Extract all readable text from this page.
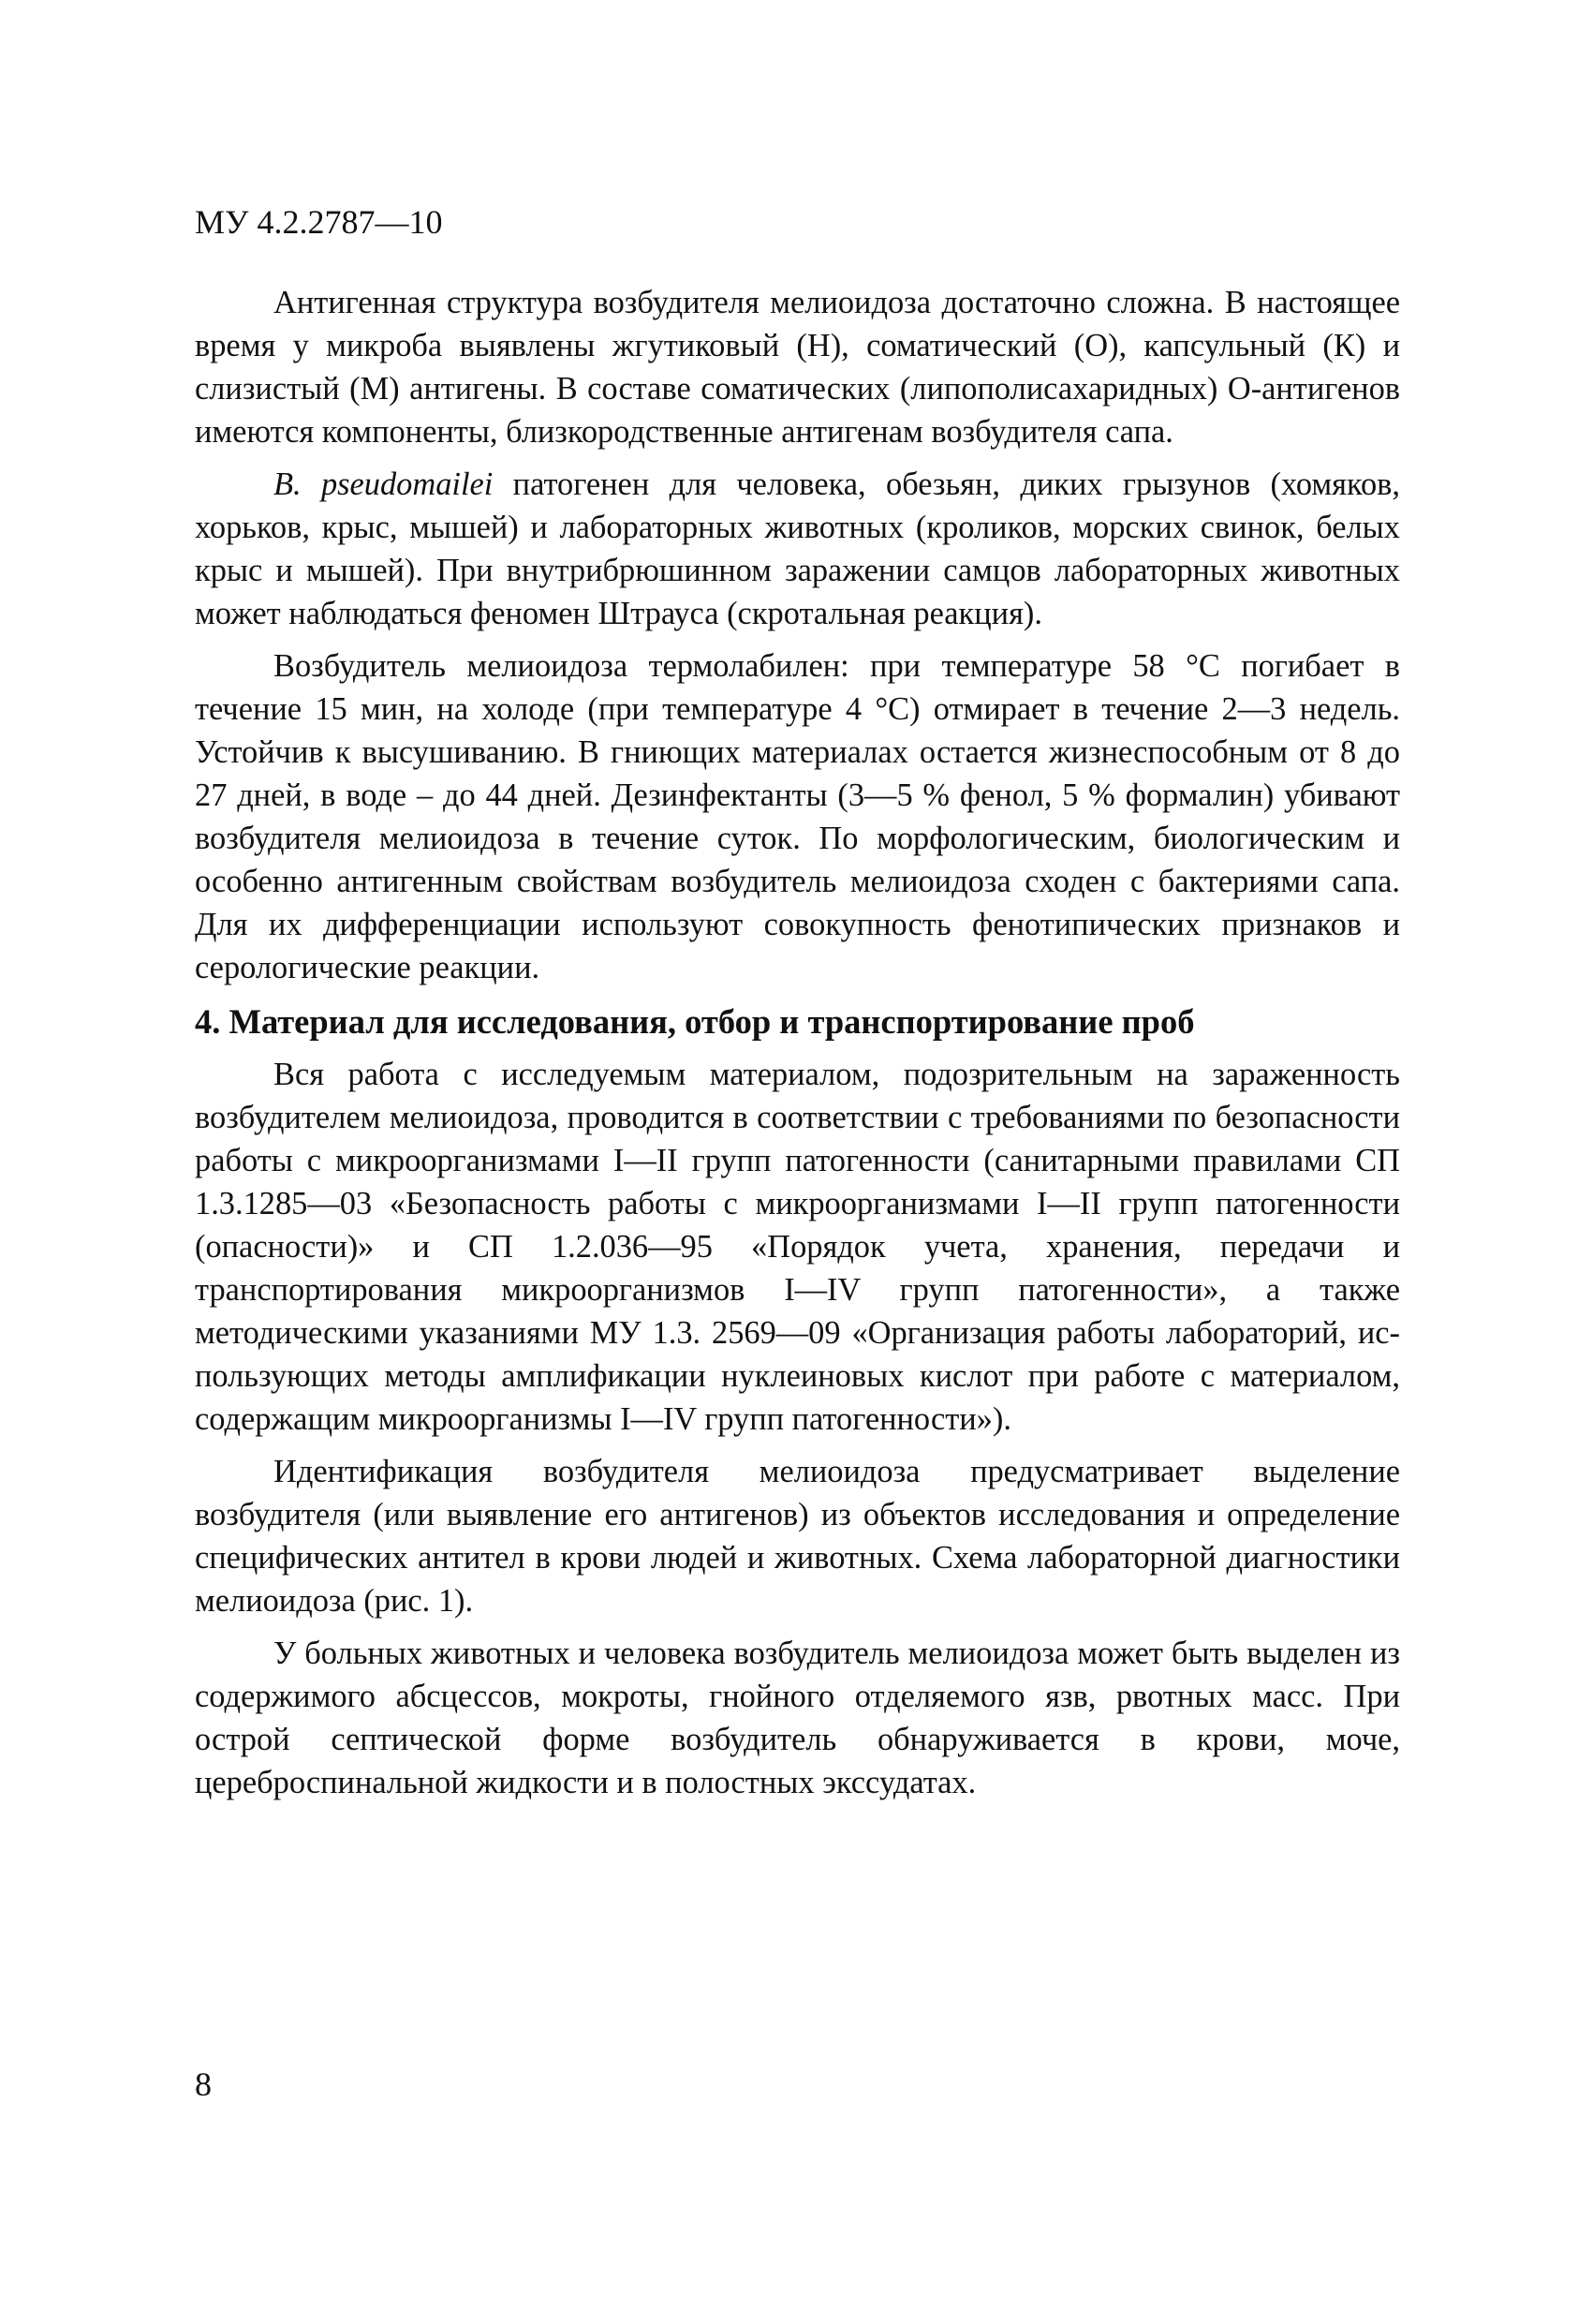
МУ 4.2.2787—10

Антигенная структура возбудителя мелиоидоза достаточно сложна. В настоящее время у микроба выявлены жгутиковый (Н), соматический (О), капсульный (К) и слизистый (М) антигены. В составе соматических (липополисахаридных) О-антигенов имеются компоненты, близкородственные антигенам возбудителя сапа.

B. pseudomailei патогенен для человека, обезьян, диких грызунов (хомяков, хорьков, крыс, мышей) и лабораторных животных (кроликов, морских свинок, белых крыс и мышей). При внутрибрюшинном заражении самцов лабораторных животных может наблюдаться феномен Штрауса (скротальная реакция).

Возбудитель мелиоидоза термолабилен: при температуре 58 °С погибает в течение 15 мин, на холоде (при температуре 4 °С) отмирает в течение 2—3 недель. Устойчив к высушиванию. В гниющих материалах остается жизнеспособным от 8 до 27 дней, в воде – до 44 дней. Дезинфектанты (3—5 % фенол, 5 % формалин) убивают возбудителя мелиоидоза в течение суток. По морфологическим, биологическим и особенно антигенным свойствам возбудитель мелиоидоза сходен с бактериями сапа. Для их дифференциации используют совокупность фенотипических признаков и серологические реакции.

4. Материал для исследования, отбор и транспортирование проб

Вся работа с исследуемым материалом, подозрительным на зараженность возбудителем мелиоидоза, проводится в соответствии с требованиями по безопасности работы с микроорганизмами I—II групп патогенности (санитарными правилами СП 1.3.1285—03 «Безопасность работы с микроорганизмами I—II групп патогенности (опасности)» и СП 1.2.036—95 «Порядок учета, хранения, передачи и транспортирования микроорганизмов I—IV групп патогенности», а также методическими указаниями МУ 1.3. 2569—09 «Организация работы лабораторий, использующих методы амплификации нуклеиновых кислот при работе с материалом, содержащим микроорганизмы I—IV групп патогенности»).

Идентификация возбудителя мелиоидоза предусматривает выделение возбудителя (или выявление его антигенов) из объектов исследования и определение специфических антител в крови людей и животных. Схема лабораторной диагностики мелиоидоза (рис. 1).

У больных животных и человека возбудитель мелиоидоза может быть выделен из содержимого абсцессов, мокроты, гнойного отделяемого язв, рвотных масс. При острой септической форме возбудитель обнаруживается в крови, моче, цереброспинальной жидкости и в полостных экссудатах.

8
